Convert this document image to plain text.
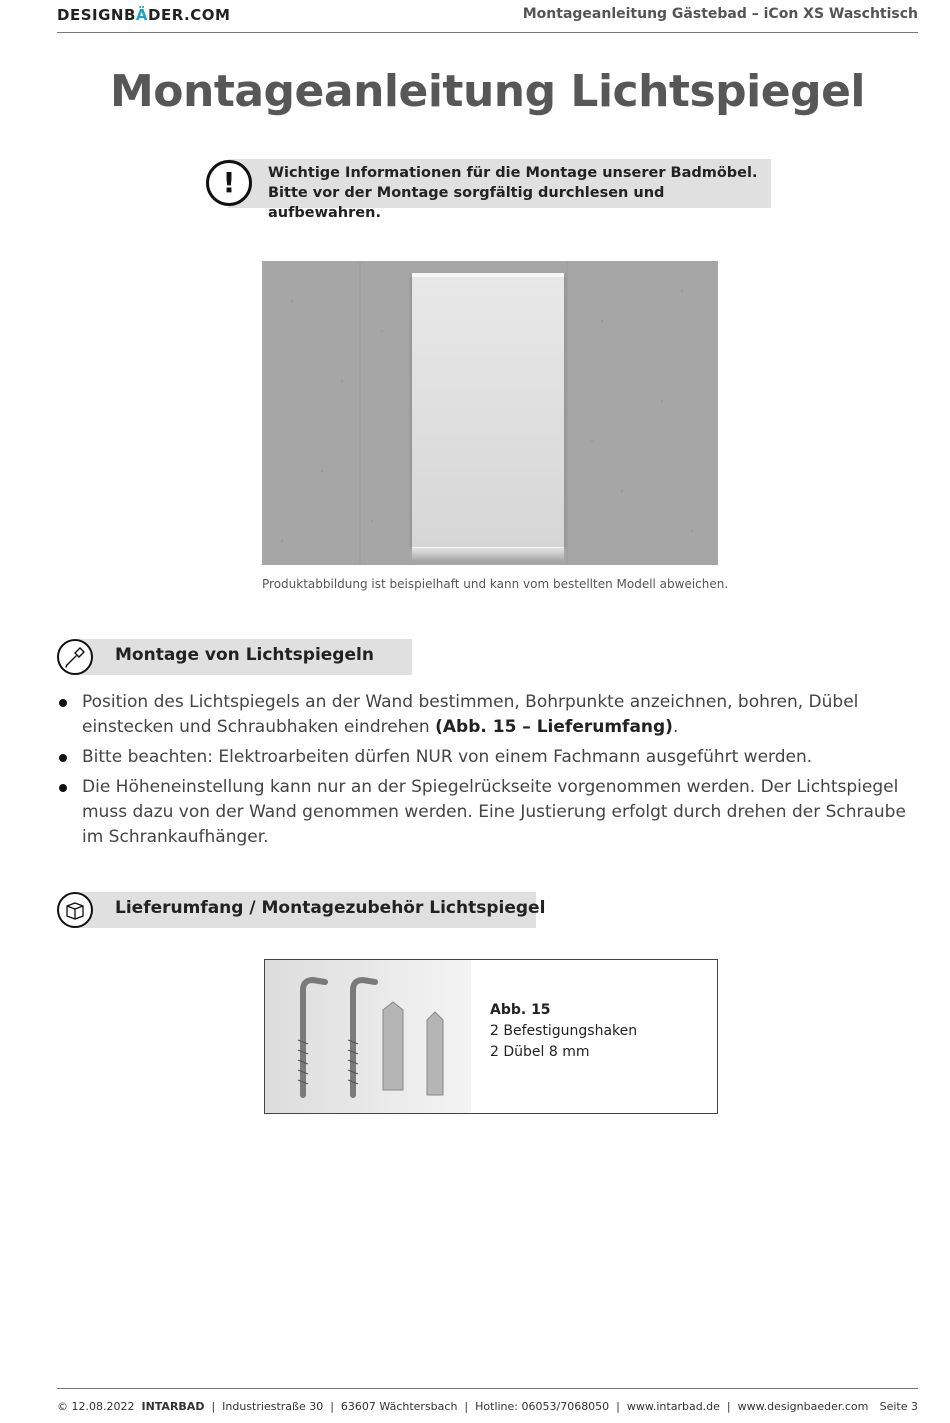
DESIGNBÄDER.COM	Montageanleitung Gästebad – iCon XS Waschtisch
Montageanleitung Lichtspiegel
!	Wichtige Informationen für die Montage unserer Badmöbel.
Bitte vor der Montage sorgfältig durchlesen und aufbewahren.
Produktabbildung ist beispielhaft und kann vom bestellten Modell abweichen.
Montage von Lichtspiegeln
Position des Lichtspiegels an der Wand bestimmen, Bohrpunkte anzeichnen, bohren, Dübel einstecken und Schraubhaken eindrehen (Abb. 15 – Lieferumfang).
Bitte beachten: Elektroarbeiten dürfen NUR von einem Fachmann ausgeführt werden.
Die Höheneinstellung kann nur an der Spiegelrückseite vorgenommen werden. Der Lichtspiegel muss dazu von der Wand genommen werden. Eine Justierung erfolgt durch drehen der Schraube im Schrankaufhänger.
Lieferumfang / Montagezubehör Lichtspiegel
Abb. 15
2 Befestigungshaken
2 Dübel 8 mm
© 12.08.2022 INTARBAD  |  Industriestraße 30  |  63607 Wächtersbach  |  Hotline: 06053/7068050  |  www.intarbad.de  |  www.designbaeder.com Seite 3
